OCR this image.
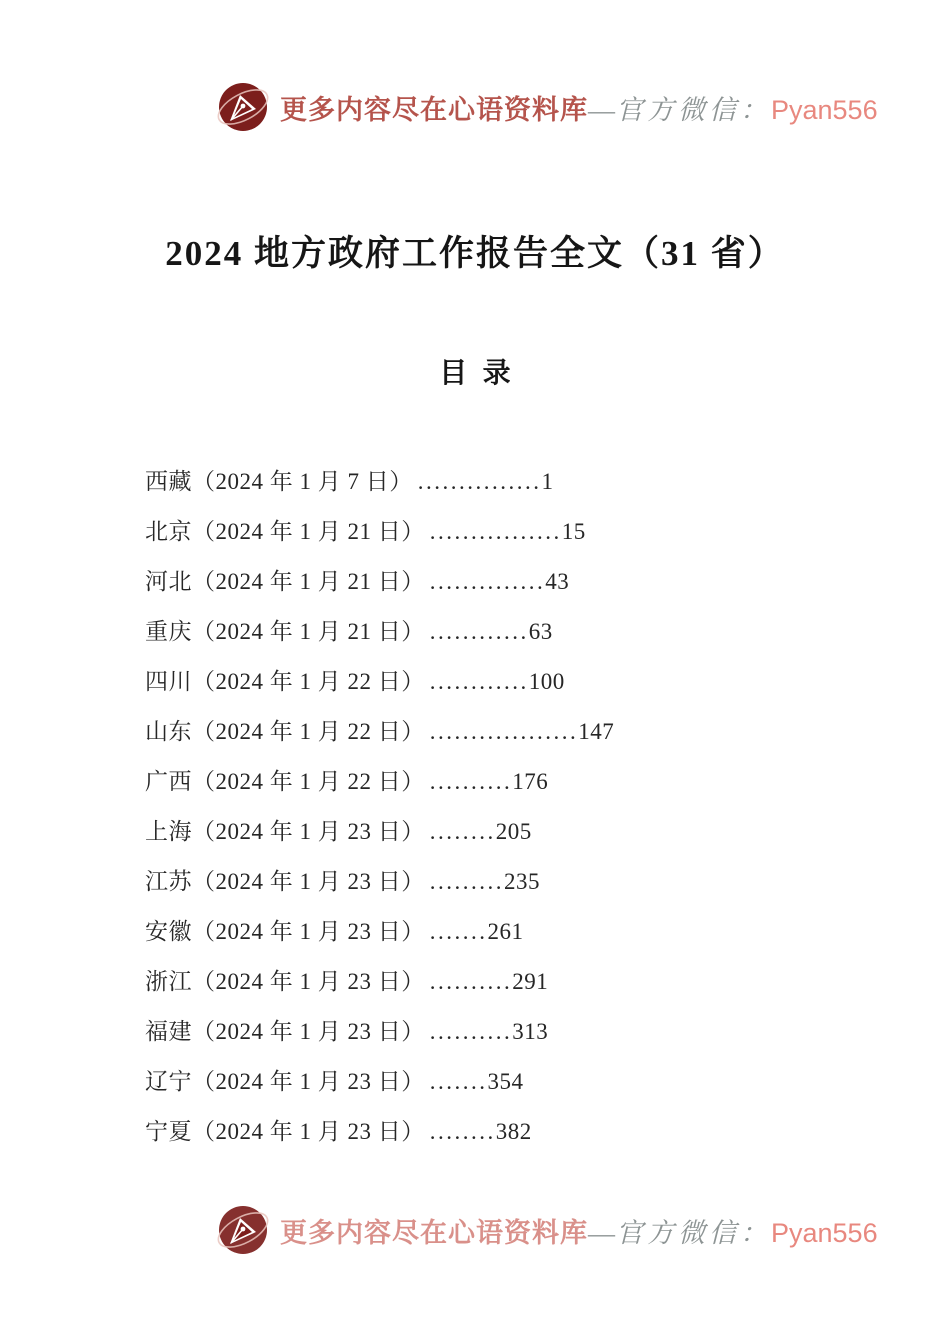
更多内容尽在心语资料库—官方微信：Pyan556
2024 地方政府工作报告全文（31 省）
目录
西藏（2024 年 1 月 7 日） ...............1
北京（2024 年 1 月 21 日） ................15
河北（2024 年 1 月 21 日） ..............43
重庆（2024 年 1 月 21 日） ............63
四川（2024 年 1 月 22 日） ............100
山东（2024 年 1 月 22 日） ..................147
广西（2024 年 1 月 22 日） ..........176
上海（2024 年 1 月 23 日） ........205
江苏（2024 年 1 月 23 日） .........235
安徽（2024 年 1 月 23 日） .......261
浙江（2024 年 1 月 23 日） ..........291
福建（2024 年 1 月 23 日） ..........313
辽宁（2024 年 1 月 23 日） .......354
宁夏（2024 年 1 月 23 日） ........382
更多内容尽在心语资料库—官方微信：Pyan556
